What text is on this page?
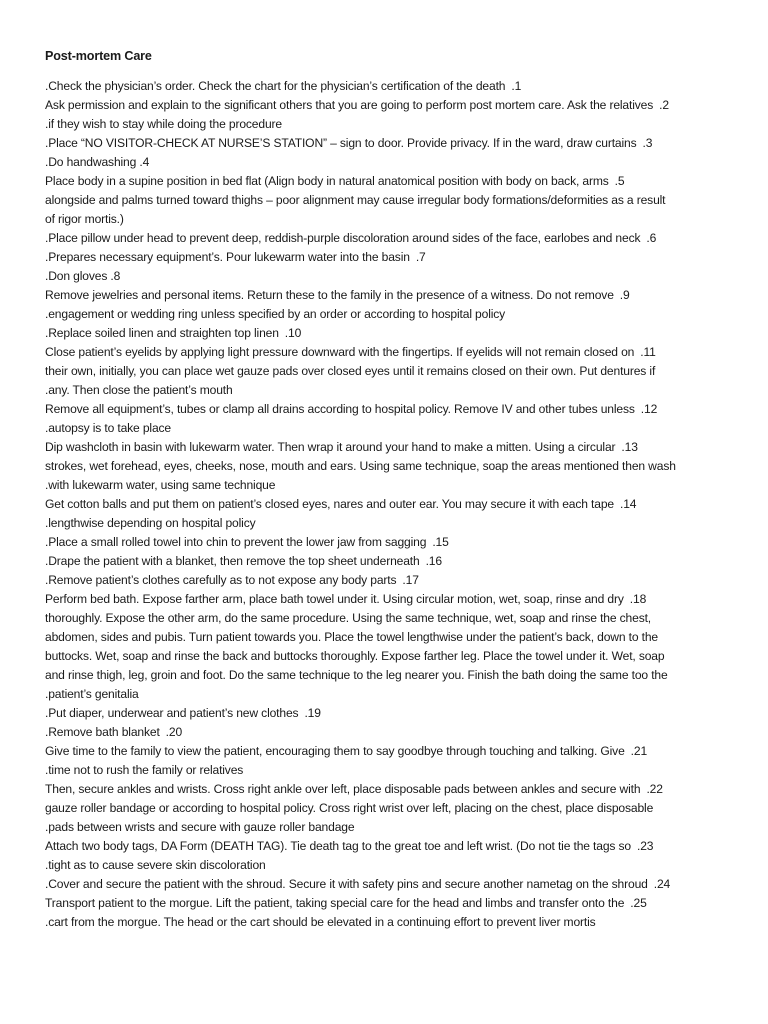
Post-mortem Care
.Check the physician’s order. Check the chart for the physician’s certification of the death .1
Ask permission and explain to the significant others that you are going to perform post mortem care. Ask the relatives .2
.if they wish to stay while doing the procedure
.Place “NO VISITOR-CHECK AT NURSE’S STATION” – sign to door. Provide privacy. If in the ward, draw curtains .3
.Do handwashing .4
Place body in a supine position in bed flat (Align body in natural anatomical position with body on back, arms .5
alongside and palms turned toward thighs – poor alignment may cause irregular body formations/deformities as a result
of rigor mortis.)
.Place pillow under head to prevent deep, reddish-purple discoloration around sides of the face, earlobes and neck .6
.Prepares necessary equipment’s. Pour lukewarm water into the basin .7
.Don gloves .8
Remove jewelries and personal items. Return these to the family in the presence of a witness. Do not remove .9
.engagement or wedding ring unless specified by an order or according to hospital policy
.Replace soiled linen and straighten top linen .10
Close patient’s eyelids by applying light pressure downward with the fingertips. If eyelids will not remain closed on .11
their own, initially, you can place wet gauze pads over closed eyes until it remains closed on their own. Put dentures if
.any. Then close the patient’s mouth
Remove all equipment’s, tubes or clamp all drains according to hospital policy. Remove IV and other tubes unless .12
.autopsy is to take place
Dip washcloth in basin with lukewarm water. Then wrap it around your hand to make a mitten. Using a circular .13
strokes, wet forehead, eyes, cheeks, nose, mouth and ears. Using same technique, soap the areas mentioned then wash
.with lukewarm water, using same technique
Get cotton balls and put them on patient’s closed eyes, nares and outer ear. You may secure it with each tape .14
.lengthwise depending on hospital policy
.Place a small rolled towel into chin to prevent the lower jaw from sagging .15
.Drape the patient with a blanket, then remove the top sheet underneath .16
.Remove patient’s clothes carefully as to not expose any body parts .17
Perform bed bath. Expose farther arm, place bath towel under it. Using circular motion, wet, soap, rinse and dry .18
thoroughly. Expose the other arm, do the same procedure. Using the same technique, wet, soap and rinse the chest,
abdomen, sides and pubis. Turn patient towards you. Place the towel lengthwise under the patient’s back, down to the
buttocks. Wet, soap and rinse the back and buttocks thoroughly. Expose farther leg. Place the towel under it. Wet, soap
and rinse thigh, leg, groin and foot. Do the same technique to the leg nearer you. Finish the bath doing the same too the
.patient’s genitalia
.Put diaper, underwear and patient’s new clothes .19
.Remove bath blanket .20
Give time to the family to view the patient, encouraging them to say goodbye through touching and talking. Give .21
.time not to rush the family or relatives
Then, secure ankles and wrists. Cross right ankle over left, place disposable pads between ankles and secure with .22
gauze roller bandage or according to hospital policy. Cross right wrist over left, placing on the chest, place disposable
.pads between wrists and secure with gauze roller bandage
Attach two body tags, DA Form (DEATH TAG). Tie death tag to the great toe and left wrist. (Do not tie the tags so .23
.tight as to cause severe skin discoloration
.Cover and secure the patient with the shroud. Secure it with safety pins and secure another nametag on the shroud .24
Transport patient to the morgue. Lift the patient, taking special care for the head and limbs and transfer onto the .25
.cart from the morgue. The head or the cart should be elevated in a continuing effort to prevent liver mortis
